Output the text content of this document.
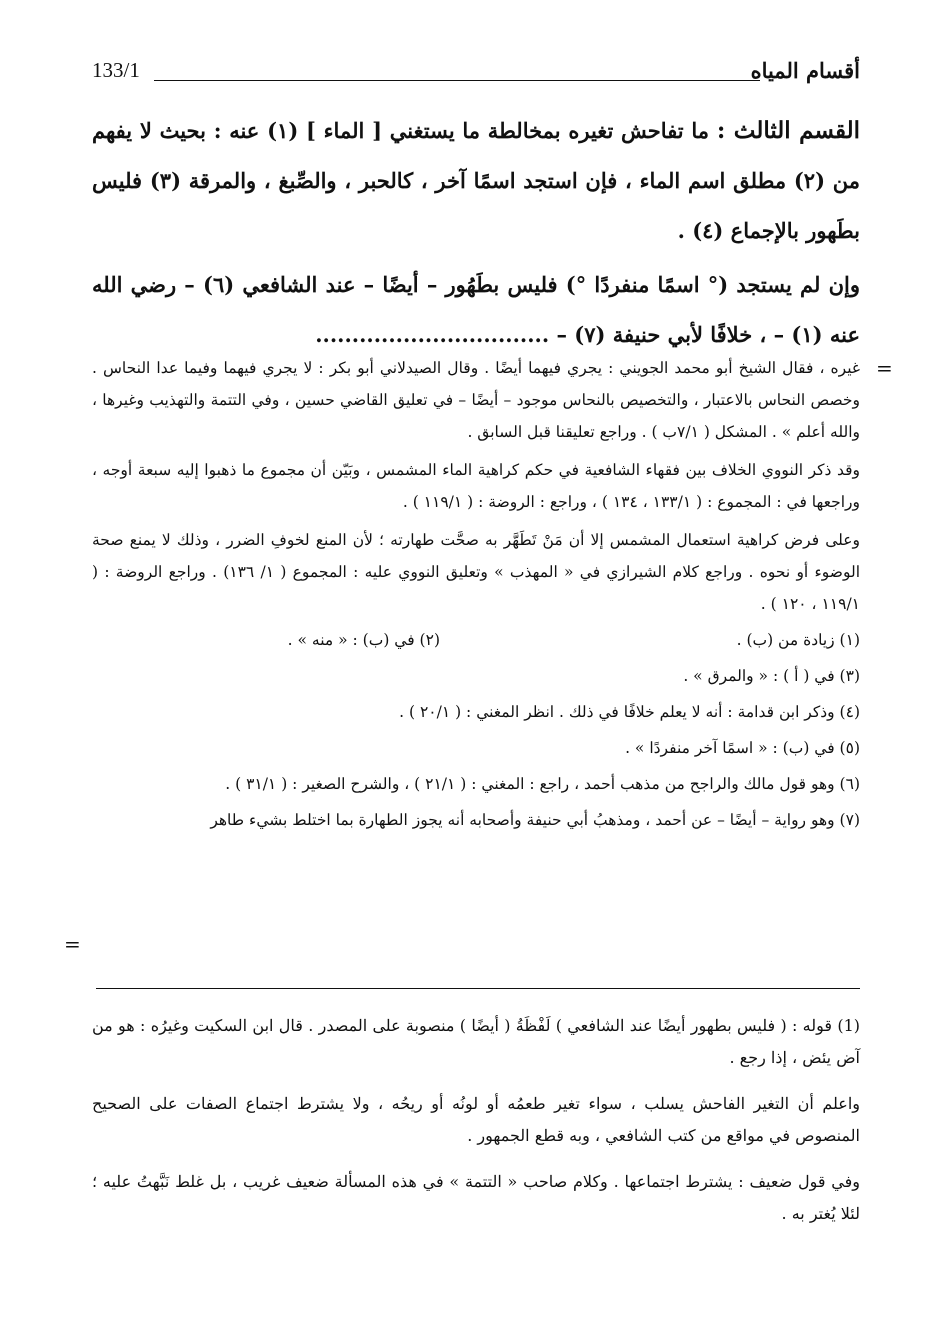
أقسام المياه
133/1

القسم الثالث : ما تفاحش تغيره بمخالطة ما يستغني [ الماء ] (١) عنه : بحيث لا يفهم من (٢) مطلق اسم الماء ، فإن استجد اسمًا آخر ، كالحبر ، والصِّبغ ، والمرقة (٣) فليس بطَهور بالإجماع (٤) .

وإن لم يستجد (° اسمًا منفردًا °) فليس بطَهُور – أيضًا – عند الشافعي (٦) – رضي الله عنه (١) – ، خلافًا لأبي حنيفة (٧) – ................................

=

غيره ، فقال الشيخ أبو محمد الجويني : يجري فيهما أيضًا . وقال الصيدلاني أبو بكر : لا يجري فيهما وفيما عدا النحاس . وخصص النحاس بالاعتبار ، والتخصيص بالنحاس موجود – أيضًا – في تعليق القاضي حسين ، وفي التتمة والتهذيب وغيرها ، والله أعلم » . المشكل ( ٧/١ب ) . وراجع تعليقنا قبل السابق .

وقد ذكر النووي الخلاف بين فقهاء الشافعية في حكم كراهية الماء المشمس ، وبَيّن أن مجموع ما ذهبوا إليه سبعة أوجه ، وراجعها في : المجموع : ( ١٣٣/١ ، ١٣٤ ) ، وراجع : الروضة : ( ١١٩/١ ) .

وعلى فرض كراهية استعمال المشمس إلا أن مَنْ تَطَهَّر به صحَّت طهارته ؛ لأن المنع لخوفِ الضرر ، وذلك لا يمنع صحة الوضوء أو نحوه . وراجع كلام الشيرازي في « المهذب » وتعليق النووي عليه : المجموع ( ١/ ١٣٦) . وراجع الروضة : ( ١١٩/١ ، ١٢٠ ) .

(١) زيادة من (ب) .
(٢) في (ب) : « منه » .

(٣) في ( أ ) : « والمرق » .

(٤) وذكر ابن قدامة : أنه لا يعلم خلافًا في ذلك . انظر المغني : ( ٢٠/١ ) .

(٥) في (ب) : « اسمًا آخر منفردًا » .

(٦) وهو قول مالك والراجح من مذهب أحمد ، راجع : المغني : ( ٢١/١ ) ، والشرح الصغير : ( ٣١/١ ) .

(٧) وهو رواية – أيضًا – عن أحمد ، ومذهبُ أبي حنيفة وأصحابه أنه يجوز الطهارة بما اختلط بشيء طاهر

=

(1) قوله : ( فليس بطهور أيضًا عند الشافعي ) لَفْظَةُ ( أيضًا ) منصوبة على المصدر . قال ابن السكيت وغيرُه : هو من آض يئض ، إذا رجع .

واعلم أن التغير الفاحش يسلب ، سواء تغير طعمُه أو لونُه أو ريحُه ، ولا يشترط اجتماع الصفات على الصحيح المنصوص في مواقع من كتب الشافعي ، وبه قطع الجمهور .

وفي قول ضعيف : يشترط اجتماعها . وكلام صاحب « التتمة » في هذه المسألة ضعيف غريب ، بل غلط نَبَّهتُ عليه ؛ لئلا يُغتر به .
